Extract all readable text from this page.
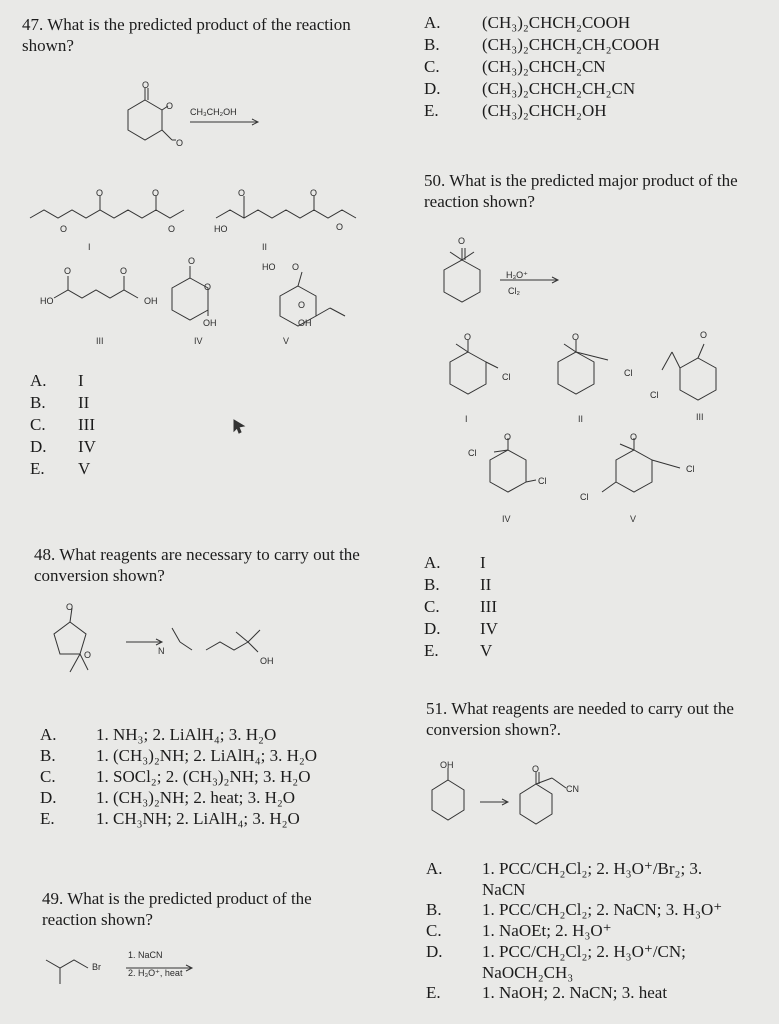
47. What is the predicted product of the reaction shown?
O
O
O
CH₃CH₂OH
O	O
O	O
O	O
HO	O
I	II
O	O
HO	OH
O
O
OH
HO O
O
OH
III	IV	V
A. I
B. II
C. III
D. IV
E. V
A. (CH₃)₂CHCH₂COOH
B. (CH₃)₂CHCH₂CH₂COOH
C. (CH₃)₂CHCH₂CN
D. (CH₃)₂CHCH₂CH₂CN
E.	(CH₃)₂CHCH₂OH
50. What is the predicted major product of the reaction shown?
O
H₃O⁺
Cl₂
O
Cl
O
Cl
O
Cl
I	II	III
O
Cl
Cl
O
Cl
Cl
IV	V
A. I
B. II
C. III
D. IV
E. V
48. What reagents are necessary to carry out the conversion shown?
O
O	N
OH
A. 1. NH₃; 2. LiAlH₄; 3. H₂O
B. 1. (CH₃)₂NH; 2. LiAlH₄; 3. H₂O
C. 1. SOCl₂; 2. (CH₃)₂NH; 3. H₂O
D. 1. (CH₃)₂NH; 2. heat; 3. H₂O
E. 1. CH₃NH; 2. LiAlH₄; 3. H₂O
49. What is the predicted product of the reaction shown?
Br
1. NaCN
2. H₃O⁺, heat
51. What reagents are needed to carry out the conversion shown?.
OH	O
CN
A. 1. PCC/CH₂Cl₂; 2. H₃O⁺/Br₂; 3.
NaCN
B. 1. PCC/CH₂Cl₂; 2. NaCN; 3. H₃O⁺
C. 1. NaOEt; 2. H₃O⁺
D. 1. PCC/CH₂Cl₂; 2. H₃O⁺/CN;
NaOCH₂CH₃
E. 1. NaOH; 2. NaCN; 3. heat
